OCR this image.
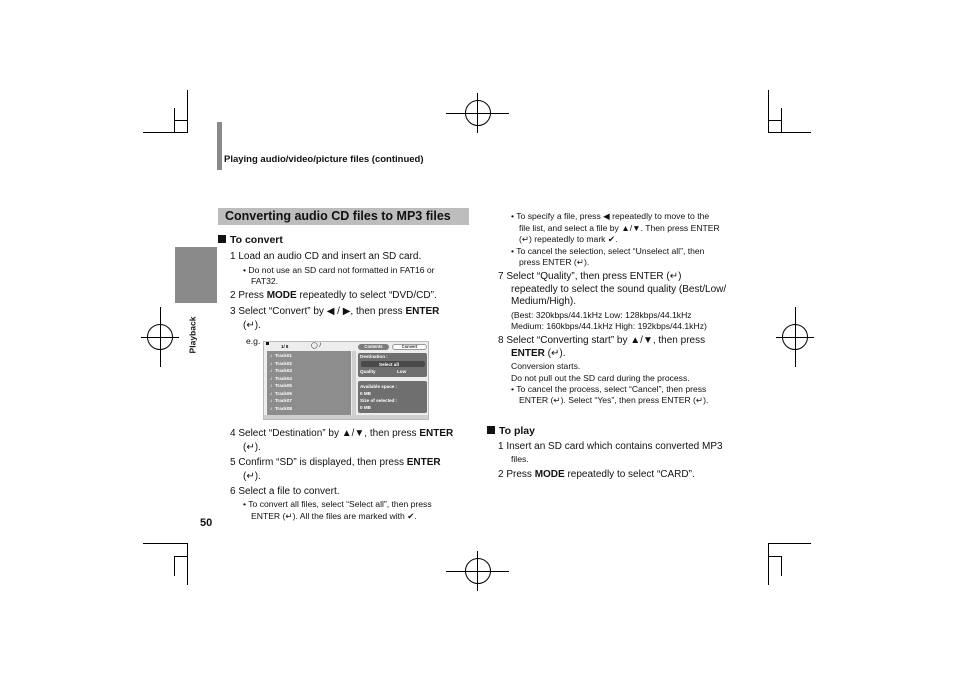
Playing audio/video/picture files (continued)
Playback
50
Converting audio CD files to MP3 files
To convert
1 Load an audio CD and insert an SD card.
• Do not use an SD card not formatted in FAT16 or
FAT32.
2 Press MODE repeatedly to select “DVD/CD”.
3 Select “Convert” by ◀ / ▶, then press ENTER
(↵).
e.g.
1/ 8	◯ /	Contents	Convert
♪  Track01
♪  Track02
♪  Track03
♪  Track04
♪  Track05
♪  Track06
♪  Track07
♪  Track08
Destination :
Select all
Quality	Low
Available space :
0 MB
Size of selected :
0 MB
4 Select “Destination” by ▲/▼, then press ENTER
(↵).
5 Confirm “SD” is displayed, then press ENTER
(↵).
6 Select a file to convert.
• To convert all files, select “Select all”, then press
ENTER (↵). All the files are marked with ✔.
• To specify a file, press ◀ repeatedly to move to the
file list, and select a file by ▲/▼. Then press ENTER
(↵) repeatedly to mark ✔.
• To cancel the selection, select “Unselect all”, then
press ENTER (↵).
7 Select “Quality”, then press ENTER (↵)
repeatedly to select the sound quality (Best/Low/
Medium/High).
(Best: 320kbps/44.1kHz Low: 128kbps/44.1kHz
Medium: 160kbps/44.1kHz High: 192kbps/44.1kHz)
8 Select “Converting start” by ▲/▼, then press
ENTER (↵).
Conversion starts.
Do not pull out the SD card during the process.
• To cancel the process, select “Cancel”, then press
ENTER (↵). Select “Yes”, then press ENTER (↵).
To play
1 Insert an SD card which contains converted MP3
files.
2 Press MODE repeatedly to select “CARD”.
